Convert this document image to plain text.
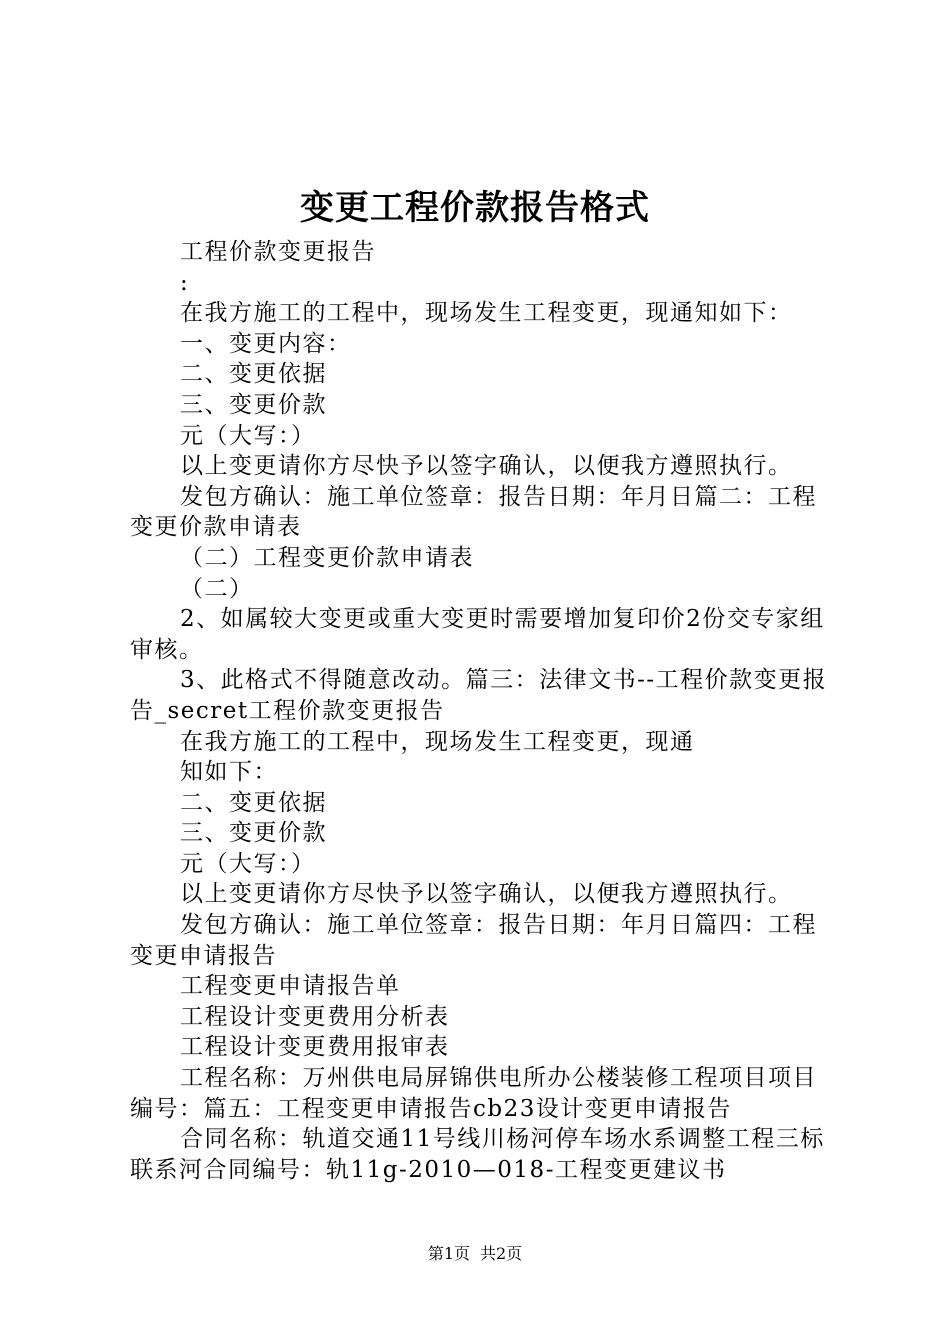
变更工程价款报告格式

工程价款变更报告

:

在我方施工的工程中，现场发生工程变更，现通知如下：

一、变更内容：

二、变更依据

三、变更价款

元（大写：）

以上变更请你方尽快予以签字确认，以便我方遵照执行。

发包方确认：施工单位签章：报告日期：年月日篇二：工程变更价款申请表

（二）工程变更价款申请表

（二）

2、如属较大变更或重大变更时需要增加复印价2份交专家组审核。

3、此格式不得随意改动。篇三：法律文书--工程价款变更报告_secret工程价款变更报告

在我方施工的工程中，现场发生工程变更，现通

知如下：

二、变更依据

三、变更价款

元（大写：）

以上变更请你方尽快予以签字确认，以便我方遵照执行。

发包方确认：施工单位签章：报告日期：年月日篇四：工程变更申请报告

工程变更申请报告单

工程设计变更费用分析表

工程设计变更费用报审表

工程名称：万州供电局屏锦供电所办公楼装修工程项目项目编号：篇五：工程变更申请报告cb23设计变更申请报告

合同名称：轨道交通11号线川杨河停车场水系调整工程三标联系河合同编号：轨11g-2010—018-工程变更建议书

第1页 共2页
